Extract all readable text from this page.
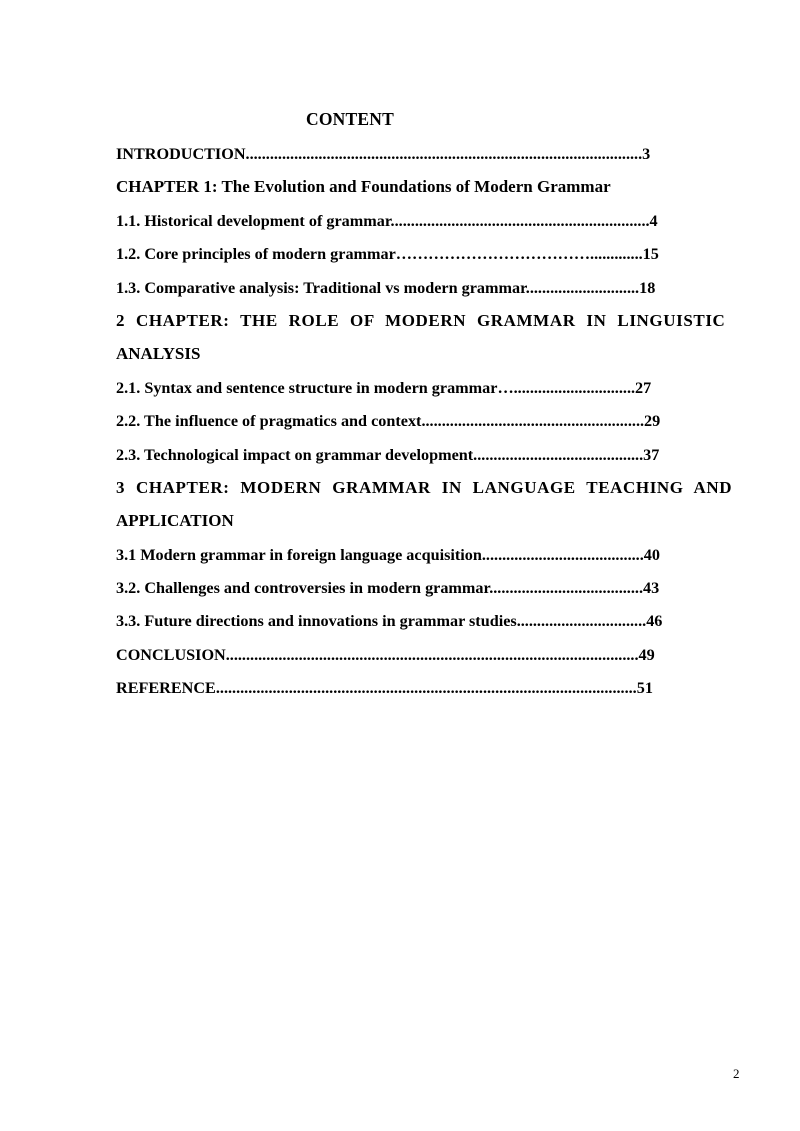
CONTENT
INTRODUCTION..................................................................................................3
CHAPTER 1: The Evolution and Foundations of Modern Grammar
1.1. Historical development of grammar................................................................4
1.2. Core principles of modern grammar……………………………….............15
1.3. Comparative analysis: Traditional vs modern grammar............................18
2 CHAPTER: THE ROLE OF MODERN GRAMMAR IN LINGUISTIC
ANALYSIS
2.1. Syntax and sentence structure in modern grammar…..............................27
2.2. The influence of pragmatics and context.......................................................29
2.3. Technological impact on grammar development..........................................37
3 CHAPTER: MODERN GRAMMAR IN LANGUAGE TEACHING AND
APPLICATION
3.1 Modern grammar in foreign language acquisition........................................40
3.2. Challenges and controversies in modern grammar......................................43
3.3. Future directions and innovations in grammar studies................................46
CONCLUSION......................................................................................................49
REFERENCE........................................................................................................51
2
